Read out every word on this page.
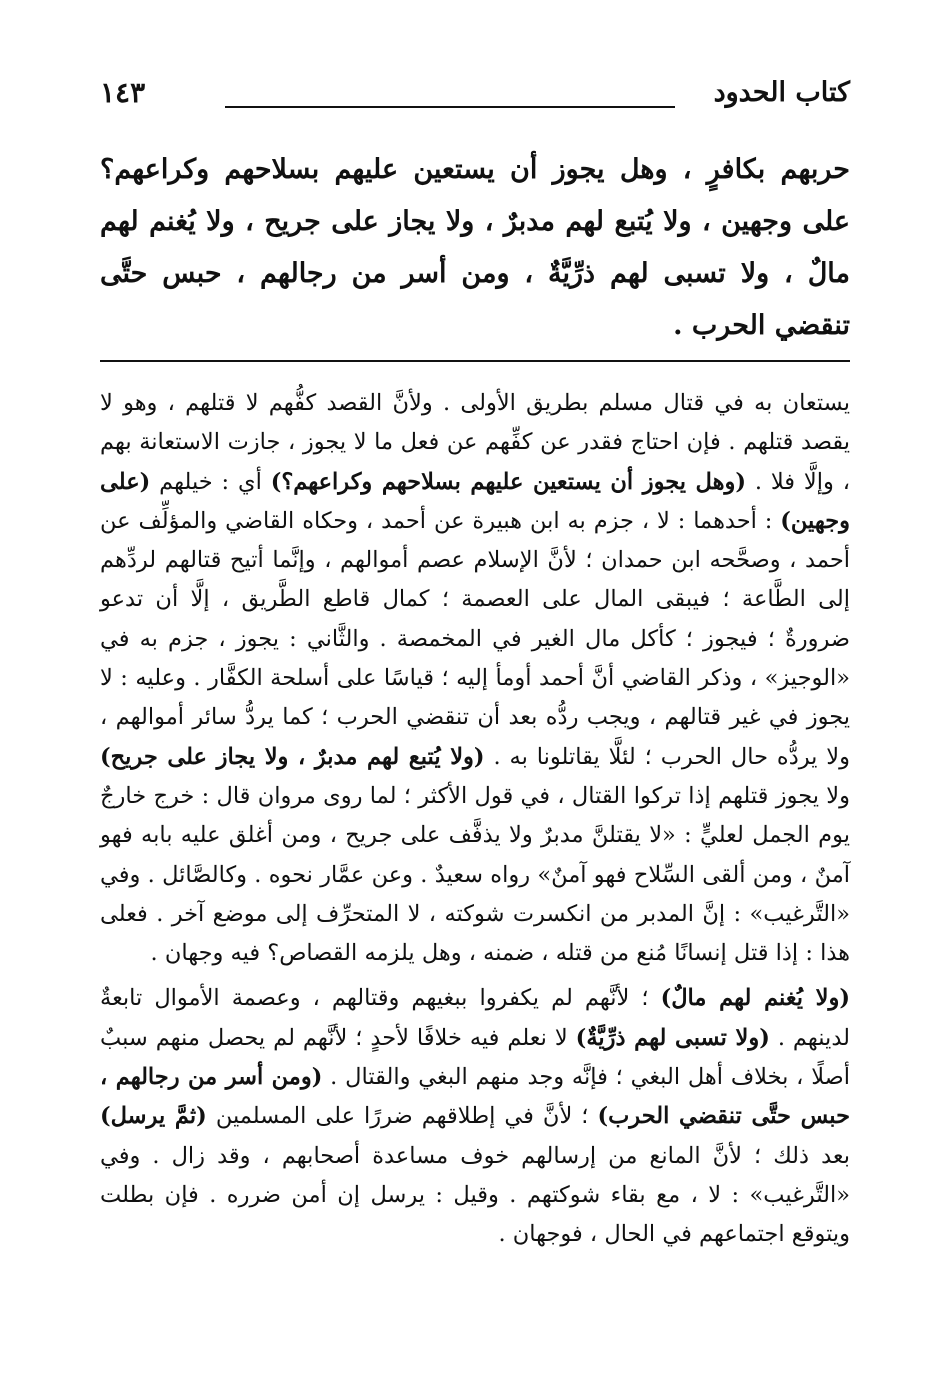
كتاب الحدود
١٤٣
حربهم بكافرٍ ، وهل يجوز أن يستعين عليهم بسلاحهم وكراعهم؟ على وجهين ، ولا يُتبع لهم مدبرٌ ، ولا يجاز على جريح ، ولا يُغنم لهم مالٌ ، ولا تسبى لهم ذرِّيَّةٌ ، ومن أسر من رجالهم ، حبس حتَّى تنقضي الحرب .

يستعان به في قتال مسلم بطريق الأولى . ولأنَّ القصد كفُّهم لا قتلهم ، وهو لا يقصد قتلهم . فإن احتاج فقدر عن كفِّهم عن فعل ما لا يجوز ، جازت الاستعانة بهم ، وإلَّا فلا . (وهل يجوز أن يستعين عليهم بسلاحهم وكراعهم؟) أي : خيلهم (على وجهين) : أحدهما : لا ، جزم به ابن هبيرة عن أحمد ، وحكاه القاضي والمؤلِّف عن أحمد ، وصحَّحه ابن حمدان ؛ لأنَّ الإسلام عصم أموالهم ، وإنَّما أتيح قتالهم لردِّهم إلى الطَّاعة ؛ فيبقى المال على العصمة ؛ كمال قاطع الطَّريق ، إلَّا أن تدعو ضرورةٌ ؛ فيجوز ؛ كأكل مال الغير في المخمصة . والثَّاني : يجوز ، جزم به في «الوجيز» ، وذكر القاضي أنَّ أحمد أومأ إليه ؛ قياسًا على أسلحة الكفَّار . وعليه : لا يجوز في غير قتالهم ، ويجب ردُّه بعد أن تنقضي الحرب ؛ كما يردُّ سائر أموالهم ، ولا يردُّه حال الحرب ؛ لئلَّا يقاتلونا به . (ولا يُتبع لهم مدبرٌ ، ولا يجاز على جريح) ولا يجوز قتلهم إذا تركوا القتال ، في قول الأكثر ؛ لما روى مروان قال : خرج خارجٌ يوم الجمل لعليٍّ : «لا يقتلنَّ مدبرٌ ولا يذفَّف على جريح ، ومن أغلق عليه بابه فهو آمنٌ ، ومن ألقى السِّلاح فهو آمنٌ» رواه سعيدٌ . وعن عمَّار نحوه . وكالصَّائل . وفي «التَّرغيب» : إنَّ المدبر من انكسرت شوكته ، لا المتحرِّف إلى موضع آخر . فعلى هذا : إذا قتل إنسانًا مُنع من قتله ، ضمنه ، وهل يلزمه القصاص؟ فيه وجهان .

(ولا يُغنم لهم مالٌ) ؛ لأنَّهم لم يكفروا ببغيهم وقتالهم ، وعصمة الأموال تابعةٌ لدينهم . (ولا تسبى لهم ذرِّيَّةٌ) لا نعلم فيه خلافًا لأحدٍ ؛ لأنَّهم لم يحصل منهم سببٌ أصلًا ، بخلاف أهل البغي ؛ فإنَّه وجد منهم البغي والقتال . (ومن أسر من رجالهم ، حبس حتَّى تنقضي الحرب) ؛ لأنَّ في إطلاقهم ضررًا على المسلمين (ثمَّ يرسل) بعد ذلك ؛ لأنَّ المانع من إرسالهم خوف مساعدة أصحابهم ، وقد زال . وفي «التَّرغيب» : لا ، مع بقاء شوكتهم . وقيل : يرسل إن أمن ضرره . فإن بطلت ويتوقع اجتماعهم في الحال ، فوجهان .
